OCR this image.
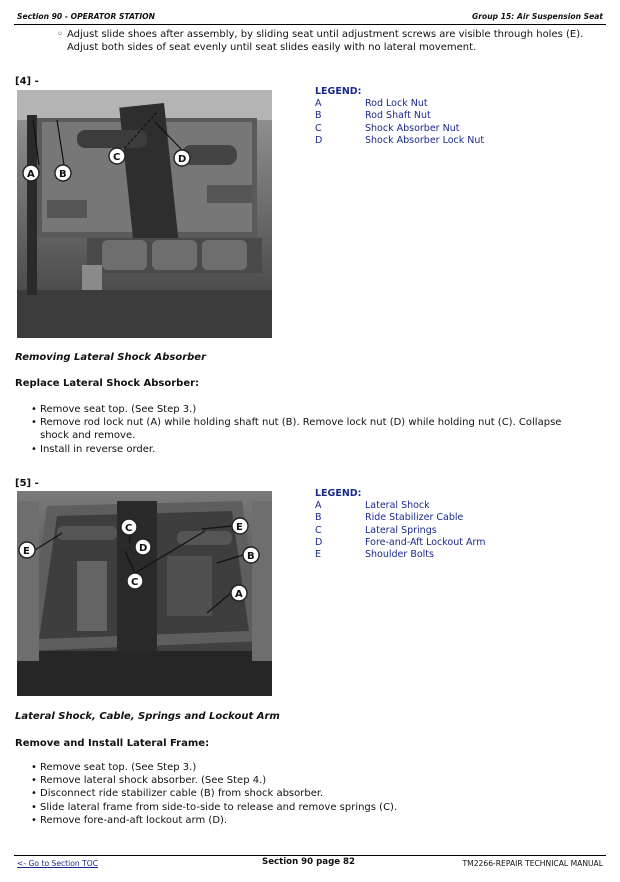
Section 90 - OPERATOR STATION	Group 15: Air Suspension Seat
◦ Adjust slide shoes after assembly, by sliding seat until adjustment screws are visible through holes (E). Adjust both sides of seat evenly until seat slides easily with no lateral movement.
[4] -
A B
C	D
LEGEND:
A	Rod Lock Nut
B	Rod Shaft Nut
C	Shock Absorber Nut
D	Shock Absorber Lock Nut
Removing Lateral Shock Absorber
Replace Lateral Shock Absorber:
• Remove seat top. (See Step 3.)
• Remove rod lock nut (A) while holding shaft nut (B). Remove lock nut (D) while holding nut (C). Collapse shock and remove.
• Install in reverse order.
[5] -
E
E
D
C
C
B
A
LEGEND:
A	Lateral Shock
B	Ride Stabilizer Cable
C	Lateral Springs
D	Fore-and-Aft Lockout Arm
E	Shoulder Bolts
Lateral Shock, Cable, Springs and Lockout Arm
Remove and Install Lateral Frame:
• Remove seat top. (See Step 3.)
• Remove lateral shock absorber. (See Step 4.)
• Disconnect ride stabilizer cable (B) from shock absorber.
• Slide lateral frame from side-to-side to release and remove springs (C).
• Remove fore-and-aft lockout arm (D).
<- Go to Section TOC	Section 90 page 82	TM2266-REPAIR TECHNICAL MANUAL
